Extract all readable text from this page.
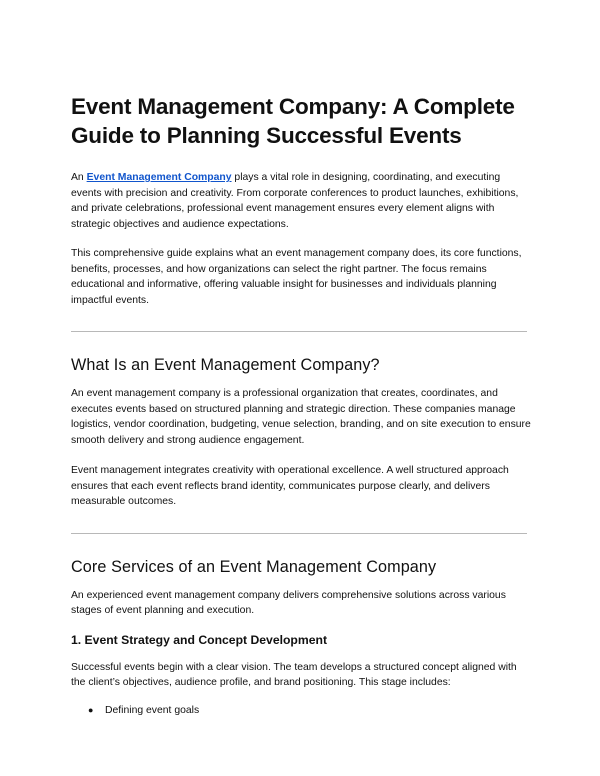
Event Management Company: A Complete Guide to Planning Successful Events

An Event Management Company plays a vital role in designing, coordinating, and executing events with precision and creativity. From corporate conferences to product launches, exhibitions, and private celebrations, professional event management ensures every element aligns with strategic objectives and audience expectations.

This comprehensive guide explains what an event management company does, its core functions, benefits, processes, and how organizations can select the right partner. The focus remains educational and informative, offering valuable insight for businesses and individuals planning impactful events.

What Is an Event Management Company?

An event management company is a professional organization that creates, coordinates, and executes events based on structured planning and strategic direction. These companies manage logistics, vendor coordination, budgeting, venue selection, branding, and on site execution to ensure smooth delivery and strong audience engagement.

Event management integrates creativity with operational excellence. A well structured approach ensures that each event reflects brand identity, communicates purpose clearly, and delivers measurable outcomes.

Core Services of an Event Management Company

An experienced event management company delivers comprehensive solutions across various stages of event planning and execution.

1. Event Strategy and Concept Development

Successful events begin with a clear vision. The team develops a structured concept aligned with the client’s objectives, audience profile, and brand positioning. This stage includes:

● Defining event goals
